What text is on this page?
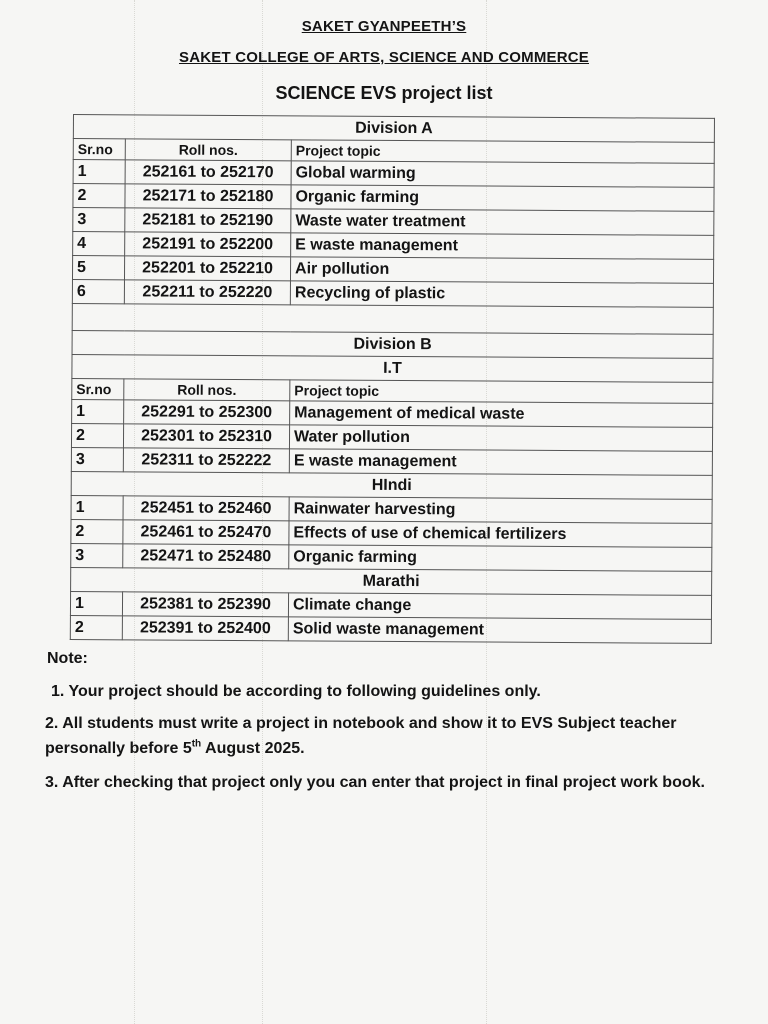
SAKET GYANPEETH’S
SAKET COLLEGE OF ARTS, SCIENCE AND COMMERCE
SCIENCE EVS project list
Division A		
Sr.no	Roll nos.	Project topic
1	252161 to 252170	Global warming
2	252171 to 252180	Organic farming
3	252181 to 252190	Waste water treatment
4	252191 to 252200	E waste management
5	252201 to 252210	Air pollution
6	252211 to 252220	Recycling of plastic

Division B		
I.T		
Sr.no	Roll nos.	Project topic
1	252291 to 252300	Management of medical waste
2	252301 to 252310	Water pollution
3	252311 to 252222	E waste management
HIndi		
1	252451 to 252460	Rainwater harvesting
2	252461 to 252470	Effects of use of chemical fertilizers
3	252471 to 252480	Organic farming
Marathi		
1	252381 to 252390	Climate change
2	252391 to 252400	Solid waste management
Note:
1. Your project should be according to following guidelines only.
2. All students must write a project in notebook and show it to EVS Subject teacher personally before 5th August 2025.
3. After checking that project only you can enter that project in final project work book.
